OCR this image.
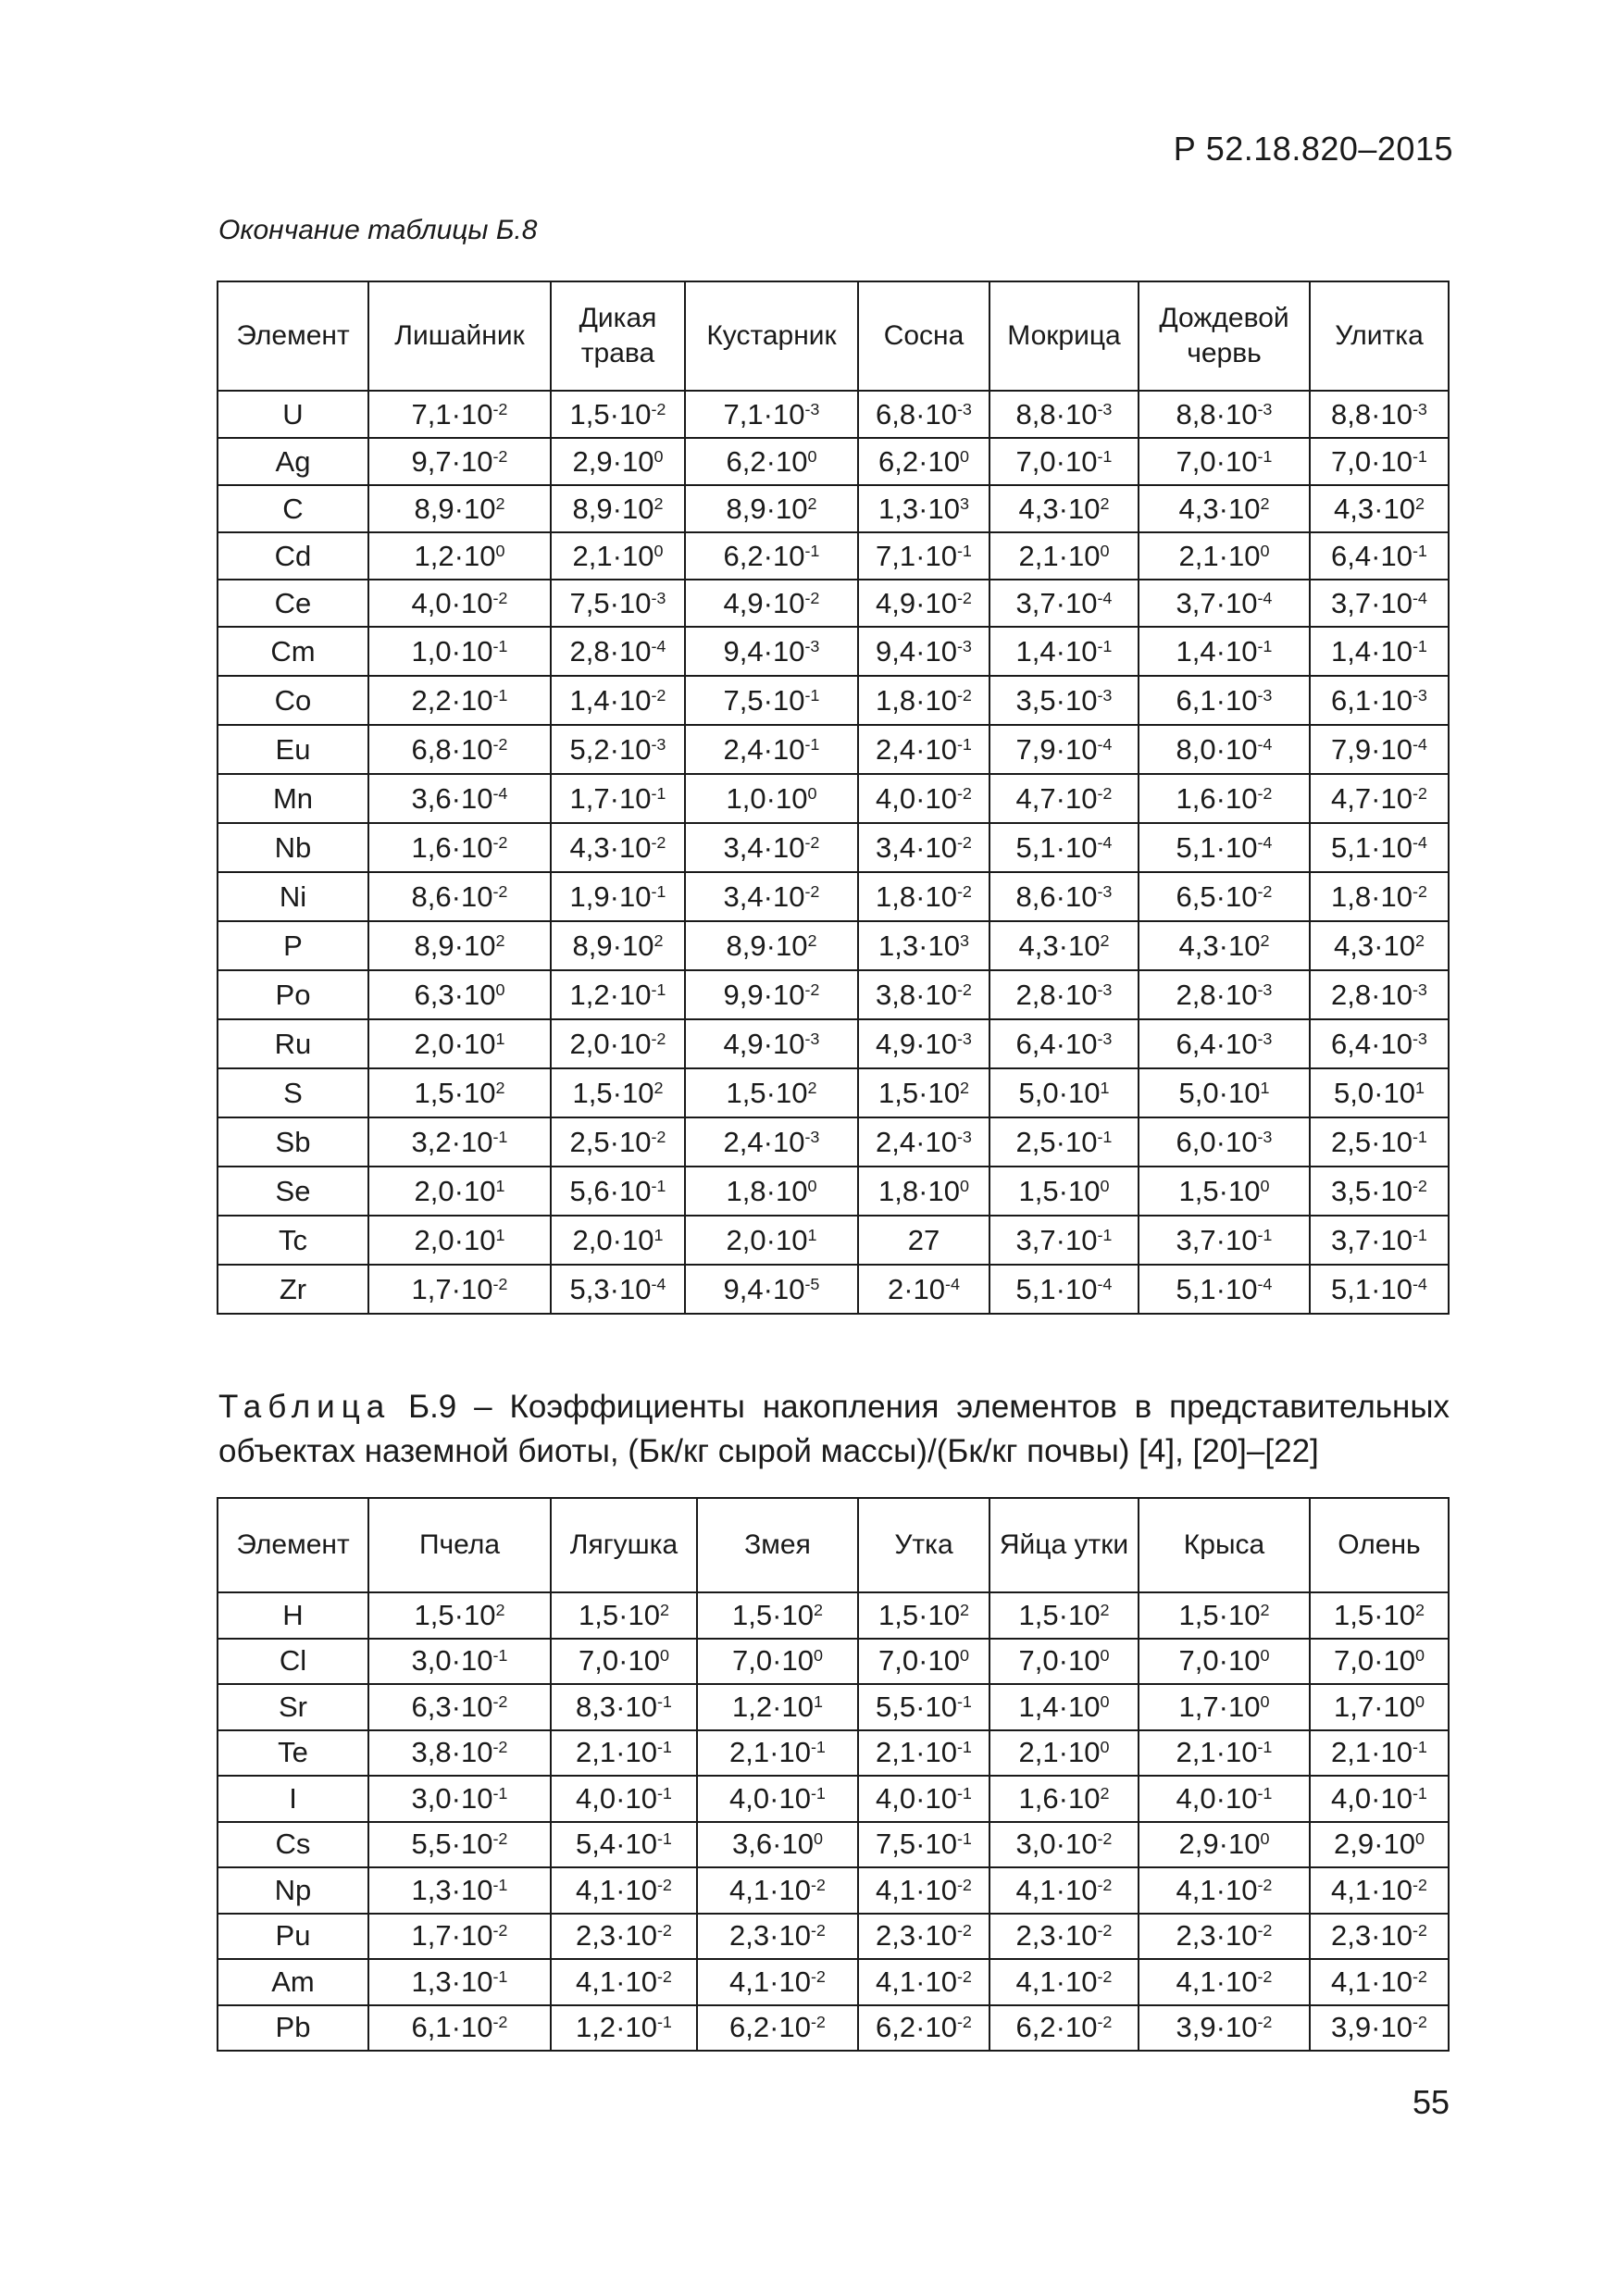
Р 52.18.820–2015
Окончание таблицы Б.8
Элемент	Лишайник	Дикая трава	Кустарник	Сосна	Мокрица	Дождевой червь	Улитка
U	$7,1\cdot 10^{-2}$	$1,5\cdot 10^{-2}$	$7,1\cdot 10^{-3}$	$6,8\cdot 10^{-3}$	$8,8\cdot 10^{-3}$	$8,8\cdot 10^{-3}$	$8,8\cdot 10^{-3}$
Ag	$9,7\cdot 10^{-2}$	$2,9\cdot 10^0$	$6,2\cdot 10^0$	$6,2\cdot 10^0$	$7,0\cdot 10^{-1}$	$7,0\cdot 10^{-1}$	$7,0\cdot 10^{-1}$
C	$8,9\cdot 10^2$	$8,9\cdot 10^2$	$8,9\cdot 10^2$	$1,3\cdot 10^3$	$4,3\cdot 10^2$	$4,3\cdot 10^2$	$4,3\cdot 10^2$
Cd	$1,2\cdot 10^0$	$2,1\cdot 10^0$	$6,2\cdot 10^{-1}$	$7,1\cdot 10^{-1}$	$2,1\cdot 10^0$	$2,1\cdot 10^0$	$6,4\cdot 10^{-1}$
Ce	$4,0\cdot 10^{-2}$	$7,5\cdot 10^{-3}$	$4,9\cdot 10^{-2}$	$4,9\cdot 10^{-2}$	$3,7\cdot 10^{-4}$	$3,7\cdot 10^{-4}$	$3,7\cdot 10^{-4}$
Cm	$1,0\cdot 10^{-1}$	$2,8\cdot 10^{-4}$	$9,4\cdot 10^{-3}$	$9,4\cdot 10^{-3}$	$1,4\cdot 10^{-1}$	$1,4\cdot 10^{-1}$	$1,4\cdot 10^{-1}$
Co	$2,2\cdot 10^{-1}$	$1,4\cdot 10^{-2}$	$7,5\cdot 10^{-1}$	$1,8\cdot 10^{-2}$	$3,5\cdot 10^{-3}$	$6,1\cdot 10^{-3}$	$6,1\cdot 10^{-3}$
Eu	$6,8\cdot 10^{-2}$	$5,2\cdot 10^{-3}$	$2,4\cdot 10^{-1}$	$2,4\cdot 10^{-1}$	$7,9\cdot 10^{-4}$	$8,0\cdot 10^{-4}$	$7,9\cdot 10^{-4}$
Mn	$3,6\cdot 10^{-4}$	$1,7\cdot 10^{-1}$	$1,0\cdot 10^0$	$4,0\cdot 10^{-2}$	$4,7\cdot 10^{-2}$	$1,6\cdot 10^{-2}$	$4,7\cdot 10^{-2}$
Nb	$1,6\cdot 10^{-2}$	$4,3\cdot 10^{-2}$	$3,4\cdot 10^{-2}$	$3,4\cdot 10^{-2}$	$5,1\cdot 10^{-4}$	$5,1\cdot 10^{-4}$	$5,1\cdot 10^{-4}$
Ni	$8,6\cdot 10^{-2}$	$1,9\cdot 10^{-1}$	$3,4\cdot 10^{-2}$	$1,8\cdot 10^{-2}$	$8,6\cdot 10^{-3}$	$6,5\cdot 10^{-2}$	$1,8\cdot 10^{-2}$
P	$8,9\cdot 10^2$	$8,9\cdot 10^2$	$8,9\cdot 10^2$	$1,3\cdot 10^3$	$4,3\cdot 10^2$	$4,3\cdot 10^2$	$4,3\cdot 10^2$
Po	$6,3\cdot 10^0$	$1,2\cdot 10^{-1}$	$9,9\cdot 10^{-2}$	$3,8\cdot 10^{-2}$	$2,8\cdot 10^{-3}$	$2,8\cdot 10^{-3}$	$2,8\cdot 10^{-3}$
Ru	$2,0\cdot 10^1$	$2,0\cdot 10^{-2}$	$4,9\cdot 10^{-3}$	$4,9\cdot 10^{-3}$	$6,4\cdot 10^{-3}$	$6,4\cdot 10^{-3}$	$6,4\cdot 10^{-3}$
S	$1,5\cdot 10^2$	$1,5\cdot 10^2$	$1,5\cdot 10^2$	$1,5\cdot 10^2$	$5,0\cdot 10^1$	$5,0\cdot 10^1$	$5,0\cdot 10^1$
Sb	$3,2\cdot 10^{-1}$	$2,5\cdot 10^{-2}$	$2,4\cdot 10^{-3}$	$2,4\cdot 10^{-3}$	$2,5\cdot 10^{-1}$	$6,0\cdot 10^{-3}$	$2,5\cdot 10^{-1}$
Se	$2,0\cdot 10^1$	$5,6\cdot 10^{-1}$	$1,8\cdot 10^0$	$1,8\cdot 10^0$	$1,5\cdot 10^0$	$1,5\cdot 10^0$	$3,5\cdot 10^{-2}$
Tc	$2,0\cdot 10^1$	$2,0\cdot 10^1$	$2,0\cdot 10^1$	27	$3,7\cdot 10^{-1}$	$3,7\cdot 10^{-1}$	$3,7\cdot 10^{-1}$
Zr	$1,7\cdot 10^{-2}$	$5,3\cdot 10^{-4}$	$9,4\cdot 10^{-5}$	$2\cdot 10^{-4}$	$5,1\cdot 10^{-4}$	$5,1\cdot 10^{-4}$	$5,1\cdot 10^{-4}$
Таблица Б.9 – Коэффициенты накопления элементов в представительных объектах наземной биоты, (Бк/кг сырой массы)/(Бк/кг почвы) [4], [20]–[22]
Элемент	Пчела	Лягушка	Змея	Утка	Яйца утки	Крыса	Олень
H	$1,5\cdot 10^2$	$1,5\cdot 10^2$	$1,5\cdot 10^2$	$1,5\cdot 10^2$	$1,5\cdot 10^2$	$1,5\cdot 10^2$	$1,5\cdot 10^2$
Cl	$3,0\cdot 10^{-1}$	$7,0\cdot 10^0$	$7,0\cdot 10^0$	$7,0\cdot 10^0$	$7,0\cdot 10^0$	$7,0\cdot 10^0$	$7,0\cdot 10^0$
Sr	$6,3\cdot 10^{-2}$	$8,3\cdot 10^{-1}$	$1,2\cdot 10^1$	$5,5\cdot 10^{-1}$	$1,4\cdot 10^0$	$1,7\cdot 10^0$	$1,7\cdot 10^0$
Te	$3,8\cdot 10^{-2}$	$2,1\cdot 10^{-1}$	$2,1\cdot 10^{-1}$	$2,1\cdot 10^{-1}$	$2,1\cdot 10^0$	$2,1\cdot 10^{-1}$	$2,1\cdot 10^{-1}$
I	$3,0\cdot 10^{-1}$	$4,0\cdot 10^{-1}$	$4,0\cdot 10^{-1}$	$4,0\cdot 10^{-1}$	$1,6\cdot 10^2$	$4,0\cdot 10^{-1}$	$4,0\cdot 10^{-1}$
Cs	$5,5\cdot 10^{-2}$	$5,4\cdot 10^{-1}$	$3,6\cdot 10^0$	$7,5\cdot 10^{-1}$	$3,0\cdot 10^{-2}$	$2,9\cdot 10^0$	$2,9\cdot 10^0$
Np	$1,3\cdot 10^{-1}$	$4,1\cdot 10^{-2}$	$4,1\cdot 10^{-2}$	$4,1\cdot 10^{-2}$	$4,1\cdot 10^{-2}$	$4,1\cdot 10^{-2}$	$4,1\cdot 10^{-2}$
Pu	$1,7\cdot 10^{-2}$	$2,3\cdot 10^{-2}$	$2,3\cdot 10^{-2}$	$2,3\cdot 10^{-2}$	$2,3\cdot 10^{-2}$	$2,3\cdot 10^{-2}$	$2,3\cdot 10^{-2}$
Am	$1,3\cdot 10^{-1}$	$4,1\cdot 10^{-2}$	$4,1\cdot 10^{-2}$	$4,1\cdot 10^{-2}$	$4,1\cdot 10^{-2}$	$4,1\cdot 10^{-2}$	$4,1\cdot 10^{-2}$
Pb	$6,1\cdot 10^{-2}$	$1,2\cdot 10^{-1}$	$6,2\cdot 10^{-2}$	$6,2\cdot 10^{-2}$	$6,2\cdot 10^{-2}$	$3,9\cdot 10^{-2}$	$3,9\cdot 10^{-2}$
55
